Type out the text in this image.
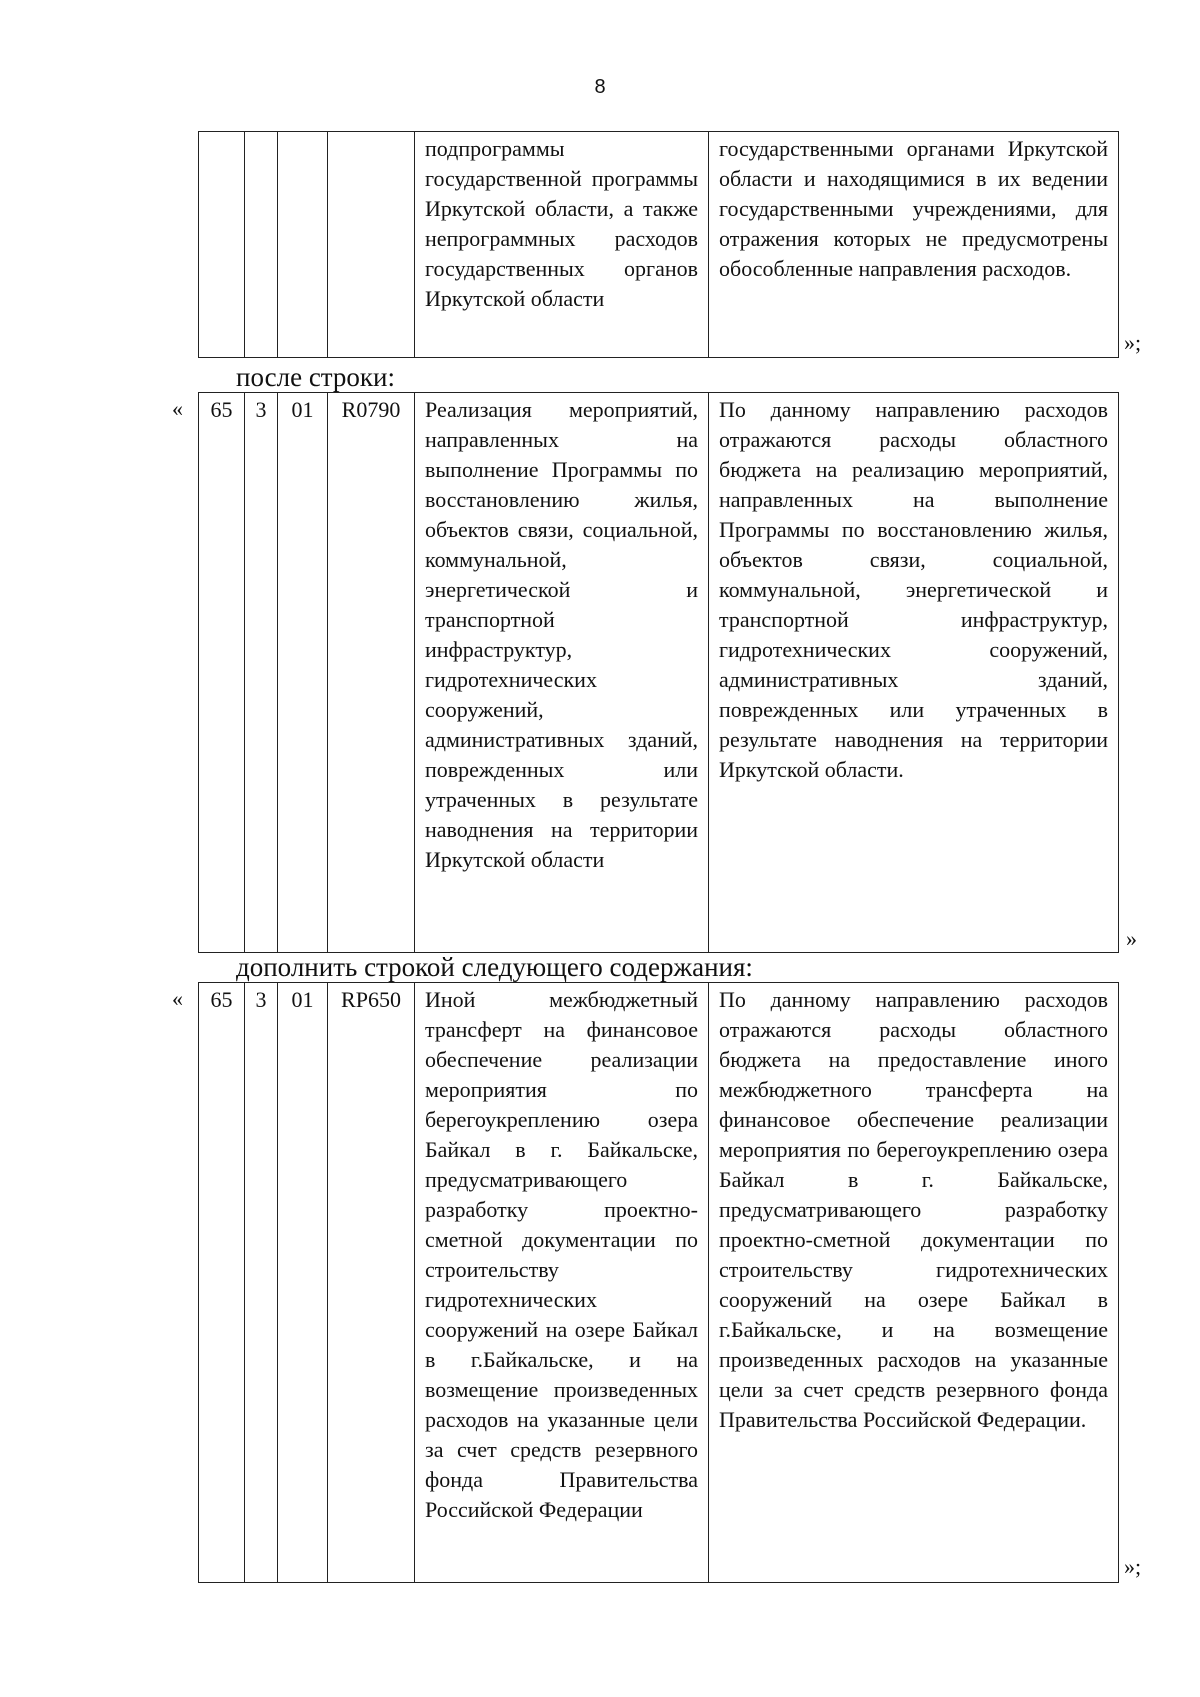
8
				подпрограммы государственной программы Иркутской области, а также непрограммных расходов государственных органов Иркутской области	государственными органами Иркутской области и находящимися в их ведении государственными учреждениями, для отражения которых не предусмотрены обособленные направления расходов.
»;
после строки:
« 65	3	01	R0790	Реализация мероприятий, направленных на выполнение Программы по восстановлению жилья, объектов связи, социальной, коммунальной, энергетической и транспортной инфраструктур, гидротехнических сооружений, административных зданий, поврежденных или утраченных в результате наводнения на территории Иркутской области	По данному направлению расходов отражаются расходы областного бюджета на реализацию мероприятий, направленных на выполнение Программы по восстановлению жилья, объектов связи, социальной, коммунальной, энергетической и транспортной инфраструктур, гидротехнических сооружений, административных зданий, поврежденных или утраченных в результате наводнения на территории Иркутской области.
»
дополнить строкой следующего содержания:
« 65	3	01	RP650	Иной межбюджетный трансферт на финансовое обеспечение реализации мероприятия по берегоукреплению озера Байкал в г. Байкальске, предусматривающего разработку проектно-сметной документации по строительству гидротехнических сооружений на озере Байкал в г.Байкальске, и на возмещение произведенных расходов на указанные цели за счет средств резервного фонда Правительства Российской Федерации	По данному направлению расходов отражаются расходы областного бюджета на предоставление иного межбюджетного трансферта на финансовое обеспечение реализации мероприятия по берегоукреплению озера Байкал в г. Байкальске, предусматривающего разработку проектно-сметной документации по строительству гидротехнических сооружений на озере Байкал в г.Байкальске, и на возмещение произведенных расходов на указанные цели за счет средств резервного фонда Правительства Российской Федерации.
»;
